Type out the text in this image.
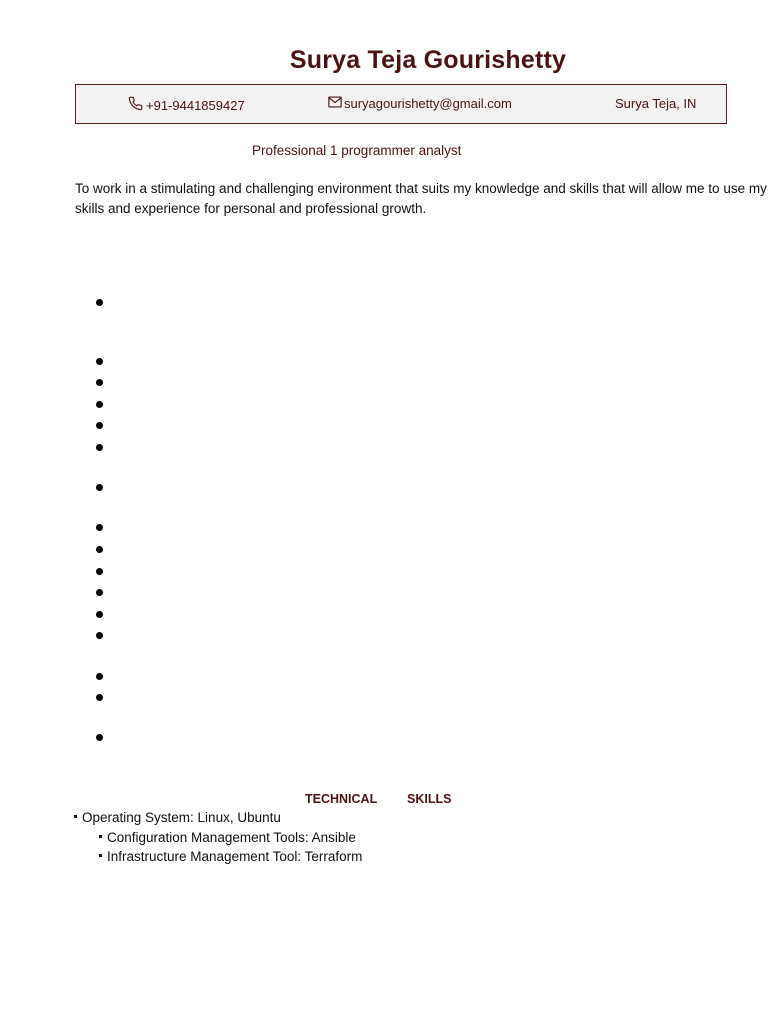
Surya Teja Gourishetty
+91-9441859427	suryagourishetty@gmail.com	Surya Teja, IN
Professional 1 programmer analyst
To work in a stimulating and challenging environment that suits my knowledge and skills that will allow me to use my skills and experience for personal and professional growth.
TECHNICAL SKILLS
Operating System: Linux, Ubuntu
Configuration Management Tools: Ansible
Infrastructure Management Tool: Terraform
